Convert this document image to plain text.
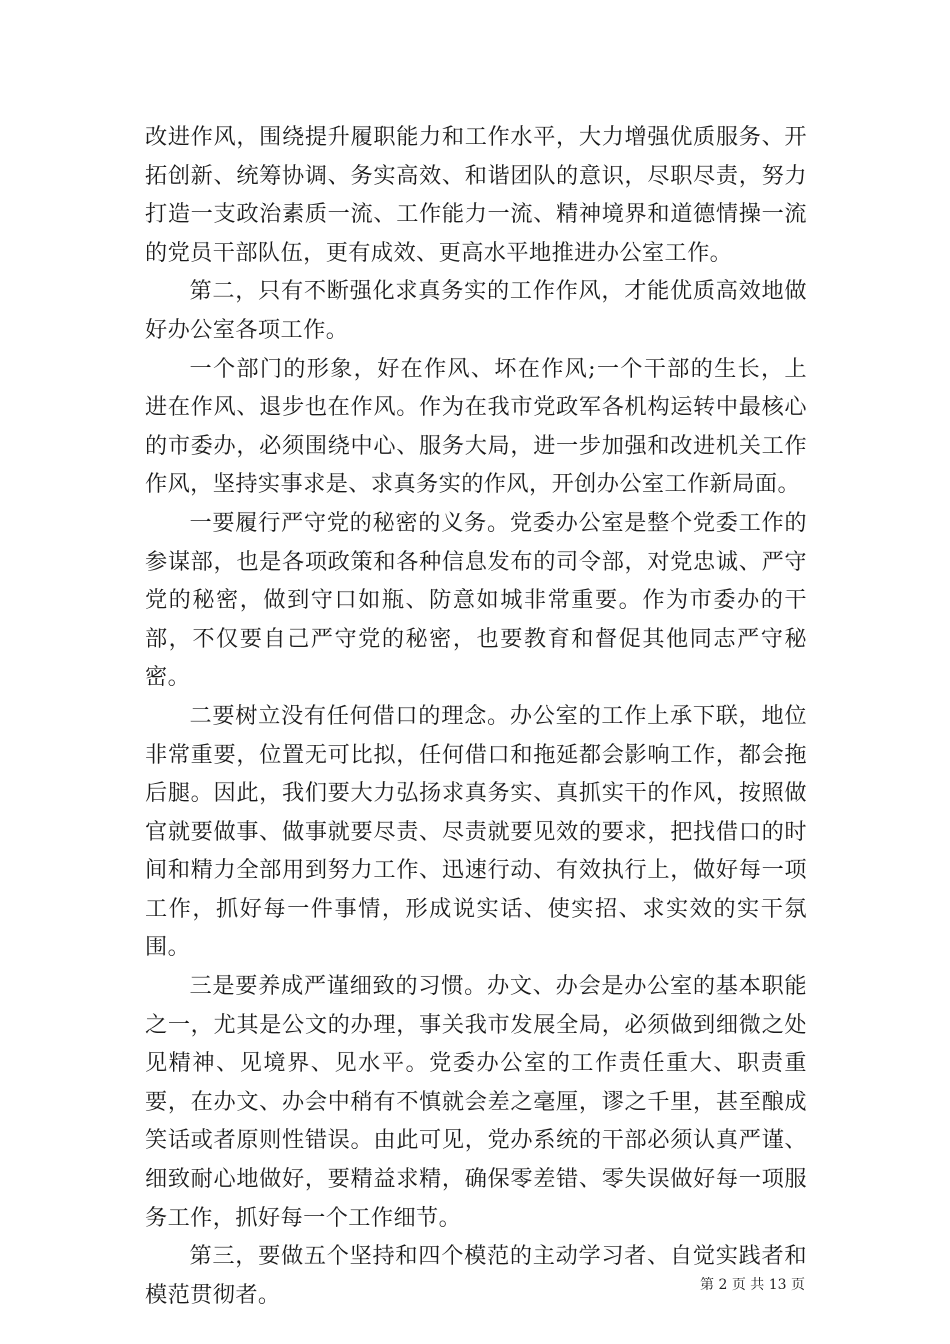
改进作风，围绕提升履职能力和工作水平，大力增强优质服务、开拓创新、统筹协调、务实高效、和谐团队的意识，尽职尽责，努力打造一支政治素质一流、工作能力一流、精神境界和道德情操一流的党员干部队伍，更有成效、更高水平地推进办公室工作。

第二，只有不断强化求真务实的工作作风，才能优质高效地做好办公室各项工作。

一个部门的形象，好在作风、坏在作风;一个干部的生长，上进在作风、退步也在作风。作为在我市党政军各机构运转中最核心的市委办，必须围绕中心、服务大局，进一步加强和改进机关工作作风，坚持实事求是、求真务实的作风，开创办公室工作新局面。

一要履行严守党的秘密的义务。党委办公室是整个党委工作的参谋部，也是各项政策和各种信息发布的司令部，对党忠诚、严守党的秘密，做到守口如瓶、防意如城非常重要。作为市委办的干部，不仅要自己严守党的秘密，也要教育和督促其他同志严守秘密。

二要树立没有任何借口的理念。办公室的工作上承下联，地位非常重要，位置无可比拟，任何借口和拖延都会影响工作，都会拖后腿。因此，我们要大力弘扬求真务实、真抓实干的作风，按照做官就要做事、做事就要尽责、尽责就要见效的要求，把找借口的时间和精力全部用到努力工作、迅速行动、有效执行上，做好每一项工作，抓好每一件事情，形成说实话、使实招、求实效的实干氛围。

三是要养成严谨细致的习惯。办文、办会是办公室的基本职能之一，尤其是公文的办理，事关我市发展全局，必须做到细微之处见精神、见境界、见水平。党委办公室的工作责任重大、职责重要，在办文、办会中稍有不慎就会差之毫厘，谬之千里，甚至酿成笑话或者原则性错误。由此可见，党办系统的干部必须认真严谨、细致耐心地做好，要精益求精，确保零差错、零失误做好每一项服务工作，抓好每一个工作细节。

第三，要做五个坚持和四个模范的主动学习者、自觉实践者和模范贯彻者。	第 2 页 共 13 页
